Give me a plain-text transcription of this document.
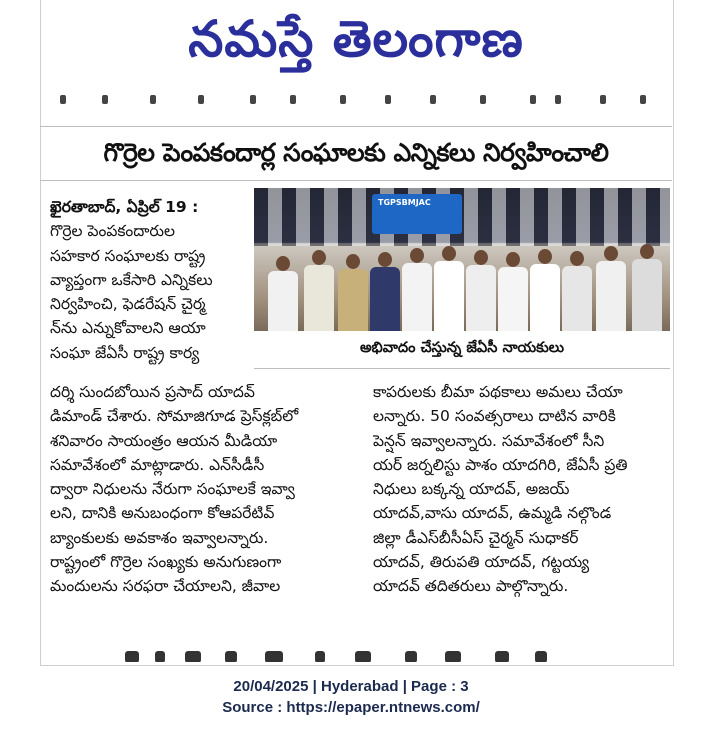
నమస్తే తెలంగాణ
గొర్రెల పెంపకందార్ల సంఘాలకు ఎన్నికలు నిర్వహించాలి
TGPSBMJAC
అభివాదం చేస్తున్న జేఏసీ నాయకులు
ఖైరతాబాద్, ఏప్రిల్ 19 :
గొర్రెల పెంపకందారుల
సహకార సంఘాలకు రాష్ట్ర
వ్యాప్తంగా ఒకేసారి ఎన్నికలు
నిర్వహించి, ఫెడరేషన్ చైర్మ
న్‌ను ఎన్నుకోవాలని ఆయా
సంఘా జేఏసీ రాష్ట్ర కార్య
దర్శి సుందబోయిన ప్రసాద్ యాదవ్
డిమాండ్ చేశారు. సోమాజిగూడ ప్రెస్‌క్లబ్‌లో
శనివారం సాయంత్రం ఆయన మీడియా
సమావేశంలో మాట్లాడారు. ఎన్‌సీడీసీ
ద్వారా నిధులను నేరుగా సంఘాలకే ఇవ్వా
లని, దానికి అనుబంధంగా కోఆపరేటివ్
బ్యాంకులకు అవకాశం ఇవ్వాలన్నారు.
రాష్ట్రంలో గొర్రెల సంఖ్యకు అనుగుణంగా
మందులను సరఫరా చేయాలని, జీవాల
కాపరులకు బీమా పథకాలు అమలు చేయా
లన్నారు. 50 సంవత్సరాలు దాటిన వారికి
పెన్షన్ ఇవ్వాలన్నారు. సమావేశంలో సీని
యర్ జర్నలిస్టు పాశం యాదగిరి, జేఏసీ ప్రతి
నిధులు బక్కన్న యాదవ్, అజయ్
యాదవ్,వాసు యాదవ్, ఉమ్మడి నల్గొండ
జిల్లా డీఎస్‌బీసీఏస్ చైర్మన్ సుధాకర్
యాదవ్, తిరుపతి యాదవ్, గట్టయ్య
యాదవ్ తదితరులు పాల్గొన్నారు.
20/04/2025 | Hyderabad | Page : 3
Source : https://epaper.ntnews.com/
